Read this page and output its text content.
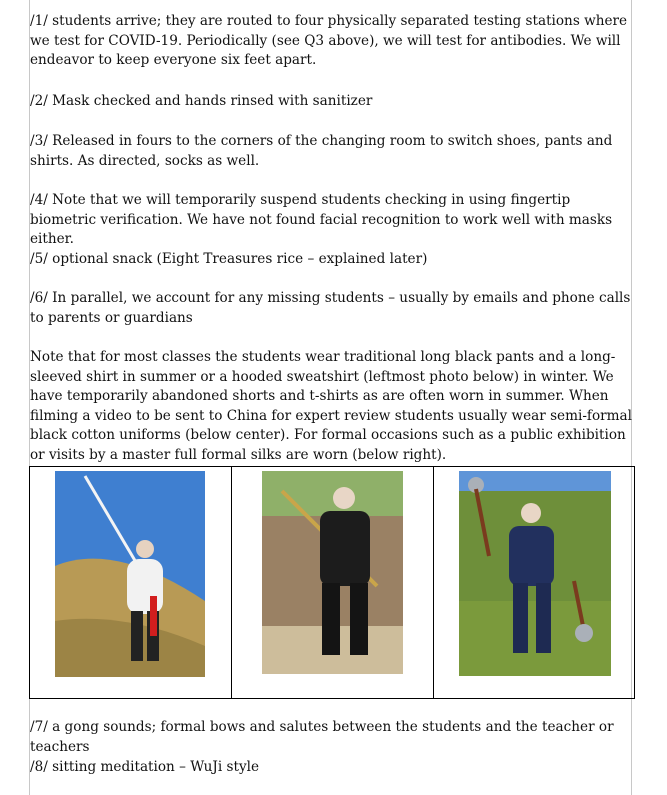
/1/ students arrive; they are routed to four physically separated testing stations where we test for COVID-19. Periodically (see Q3 above), we will test for antibodies. We will endeavor to keep everyone six feet apart.

/2/ Mask checked and hands rinsed with sanitizer

/3/ Released in fours to the corners of the changing room to switch shoes, pants and shirts. As directed, socks as well.

/4/ Note that we will temporarily suspend students checking in using fingertip biometric verification. We have not found facial recognition to work well with masks either.

/5/ optional snack (Eight Treasures rice – explained later)

/6/ In parallel, we account for any missing students – usually by emails and phone calls to parents or guardians

Note that for most classes the students wear traditional long black pants and a long-sleeved shirt in summer or a hooded sweatshirt (leftmost photo below) in winter. We have temporarily abandoned shorts and t-shirts as are often worn in summer. When filming a video to be sent to China for expert review students usually wear semi-formal black cotton uniforms (below center). For formal occasions such as a public exhibition or visits by a master full formal silks are worn (below right).

/7/ a gong sounds; formal bows and salutes between the students and the teacher or teachers

/8/ sitting meditation – WuJi style
